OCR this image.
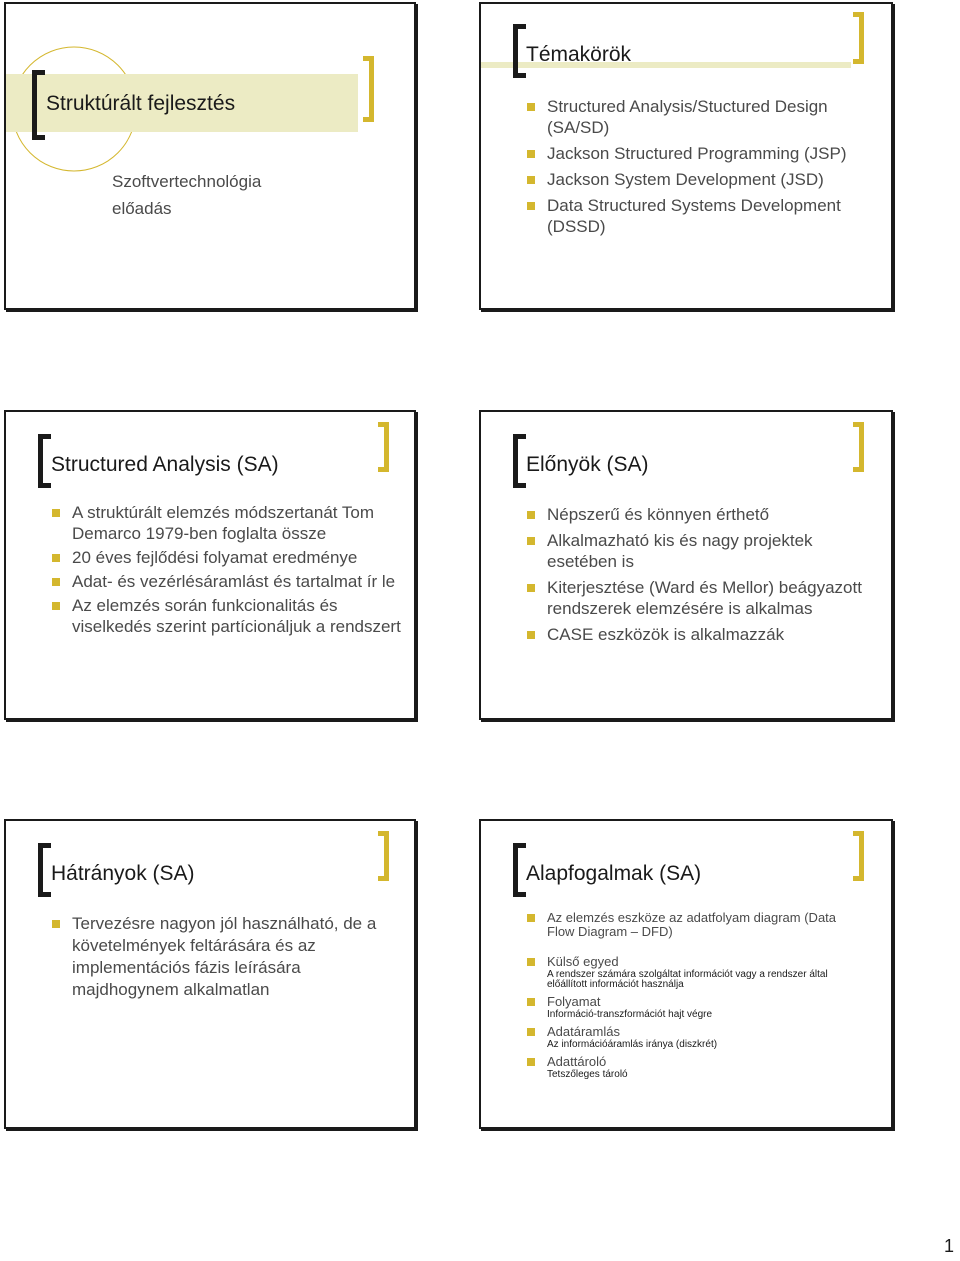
Struktúrált fejlesztés
Szoftvertechnológia
előadás
Témakörök
Structured Analysis/Stuctured Design (SA/SD)
Jackson Structured Programming (JSP)
Jackson System Development (JSD)
Data Structured Systems Development (DSSD)
Structured Analysis (SA)
A struktúrált elemzés módszertanát Tom Demarco 1979-ben foglalta össze
20 éves fejlődési folyamat eredménye
Adat- és vezérlésáramlást és tartalmat ír le
Az elemzés során funkcionalitás és viselkedés szerint partícionáljuk a rendszert
Előnyök (SA)
Népszerű és könnyen érthető
Alkalmazható kis és nagy projektek esetében is
Kiterjesztése (Ward és Mellor) beágyazott rendszerek elemzésére is alkalmas
CASE eszközök is alkalmazzák
Hátrányok (SA)
Tervezésre nagyon jól használható, de a követelmények feltárására és az implementációs fázis leírására majdhogynem alkalmatlan
Alapfogalmak (SA)
Az elemzés eszköze az adatfolyam diagram (Data Flow Diagram – DFD)
Külső egyed
A rendszer számára szolgáltat információt vagy a rendszer által előállított információt használja
Folyamat
Információ-transzformációt hajt végre
Adatáramlás
Az információáramlás iránya (diszkrét)
Adattároló
Tetszőleges tároló
1
